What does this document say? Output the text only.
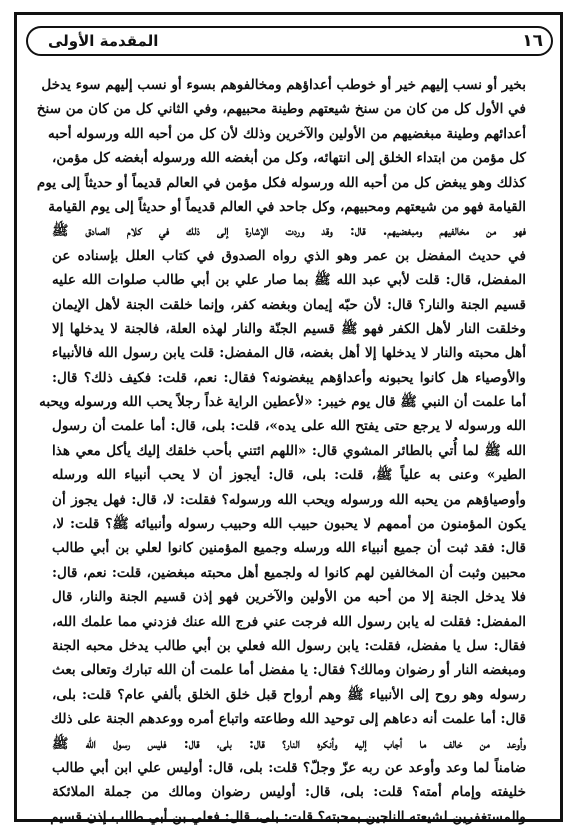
١٦
المقدمة الأولى
بخير أو نسب إليهم خير أو خوطب أعداؤهم ومخالفوهم بسوء أو نسب إليهم سوء يدخل
في الأول كل من كان من سنخ شيعتهم وطينة محبيهم، وفي الثاني كل من كان من سنخ
أعدائهم وطينة مبغضيهم من الأولين والآخرين وذلك لأن كل من أحبه الله ورسوله أحبه
كل مؤمن من ابتداء الخلق إلى انتهائه، وكل من أبغضه الله ورسوله أبغضه كل مؤمن،
كذلك وهو يبغض كل من أحبه الله ورسوله فكل مؤمن في العالم قديماً أو حديثاً إلى يوم
القيامة فهو من شيعتهم ومحبيهم، وكل جاحد في العالم قديماً أو حديثاً إلى يوم القيامة
فهو من مخالفيهم ومبغضيهم. قال: وقد وردت الإشارة إلى ذلك في كلام الصادق ﷺ
في حديث المفضل بن عمر وهو الذي رواه الصدوق في كتاب العلل بإسناده عن
المفضل، قال: قلت لأبي عبد الله ﷺ بما صار علي بن أبي طالب صلوات الله عليه
قسيم الجنة والنار؟ قال: لأن حبّه إيمان وبغضه كفر، وإنما خلقت الجنة لأهل الإيمان
وخلقت النار لأهل الكفر فهو ﷺ قسيم الجنّة والنار لهذه العلة، فالجنة لا يدخلها إلا
أهل محبته والنار لا يدخلها إلا أهل بغضه، قال المفضل: قلت يابن رسول الله فالأنبياء
والأوصياء هل كانوا يحبونه وأعداؤهم يبغضونه؟ فقال: نعم، قلت: فكيف ذلك؟ قال:
أما علمت أن النبي ﷺ قال يوم خيبر: «لأعطين الراية غداً رجلاً يحب الله ورسوله ويحبه
الله ورسوله لا يرجع حتى يفتح الله على يده»، قلت: بلى، قال: أما علمت أن رسول
الله ﷺ لما أُتي بالطائر المشوي قال: «اللهم ائتني بأحب خلقك إليك يأكل معي هذا
الطير» وعنى به علياً ﷺ، قلت: بلى، قال: أيجوز أن لا يحب أنبياء الله ورسله
وأوصياؤهم من يحبه الله ورسوله ويحب الله ورسوله؟ فقلت: لا، قال: فهل يجوز أن
يكون المؤمنون من أممهم لا يحبون حبيب الله وحبيب رسوله وأنبيائه ﷺ؟ قلت: لا،
قال: فقد ثبت أن جميع أنبياء الله ورسله وجميع المؤمنين كانوا لعلي بن أبي طالب
محبين وثبت أن المخالفين لهم كانوا له ولجميع أهل محبته مبغضين، قلت: نعم، قال:
فلا يدخل الجنة إلا من أحبه من الأولين والآخرين فهو إذن قسيم الجنة والنار، قال
المفضل: فقلت له يابن رسول الله فرجت عني فرج الله عنك فزدني مما علمك الله،
فقال: سل يا مفضل، فقلت: يابن رسول الله فعلي بن أبي طالب يدخل محبه الجنة
ومبغضه النار أو رضوان ومالك؟ فقال: يا مفضل أما علمت أن الله تبارك وتعالى بعث
رسوله وهو روح إلى الأنبياء ﷺ وهم أرواح قبل خلق الخلق بألفي عام؟ قلت: بلى،
قال: أما علمت أنه دعاهم إلى توحيد الله وطاعته واتباع أمره ووعدهم الجنة على ذلك
وأوعد من خالف ما أجاب إليه وأنكره النار؟ قال: بلى، قال: فليس رسول الله ﷺ
ضامناً لما وعد وأوعد عن ربه عزّ وجلّ؟ قلت: بلى، قال: أوليس علي ابن أبي طالب
خليفته وإمام أمته؟ قلت: بلى، قال: أوليس رضوان ومالك من جملة الملائكة
والمستغفرين لشيعته الناجين بمحبته؟ قلت: بلى، قال: فعلي بن أبي طالب إذن قسيم
